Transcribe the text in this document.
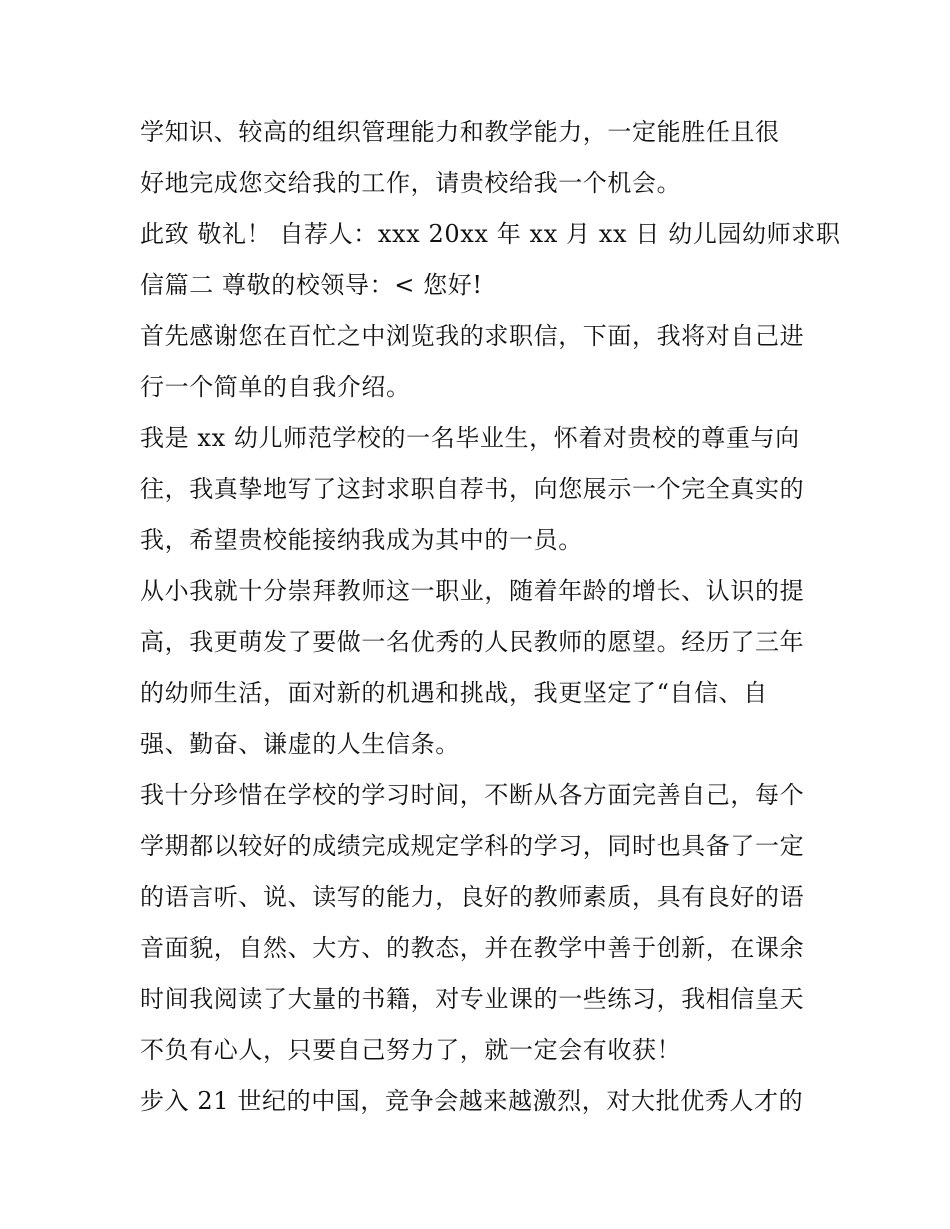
学知识、较高的组织管理能力和教学能力，一定能胜任且很
好地完成您交给我的工作，请贵校给我一个机会。
此致 敬礼！ 自荐人：xxx 20xx 年 xx 月 xx 日 幼儿园幼师求职
信篇二 尊敬的校领导：< 您好!
首先感谢您在百忙之中浏览我的求职信，下面，我将对自己进
行一个简单的自我介绍。
我是 xx 幼儿师范学校的一名毕业生，怀着对贵校的尊重与向
往，我真挚地写了这封求职自荐书，向您展示一个完全真实的
我，希望贵校能接纳我成为其中的一员。
从小我就十分崇拜教师这一职业，随着年龄的增长、认识的提
高，我更萌发了要做一名优秀的人民教师的愿望。经历了三年
的幼师生活，面对新的机遇和挑战，我更坚定了“自信、自
强、勤奋、谦虚的人生信条。
我十分珍惜在学校的学习时间，不断从各方面完善自己，每个
学期都以较好的成绩完成规定学科的学习，同时也具备了一定
的语言听、说、读写的能力，良好的教师素质，具有良好的语
音面貌，自然、大方、的教态，并在教学中善于创新，在课余
时间我阅读了大量的书籍，对专业课的一些练习，我相信皇天
不负有心人，只要自己努力了，就一定会有收获！
步入 21 世纪的中国，竞争会越来越激烈，对大批优秀人才的
